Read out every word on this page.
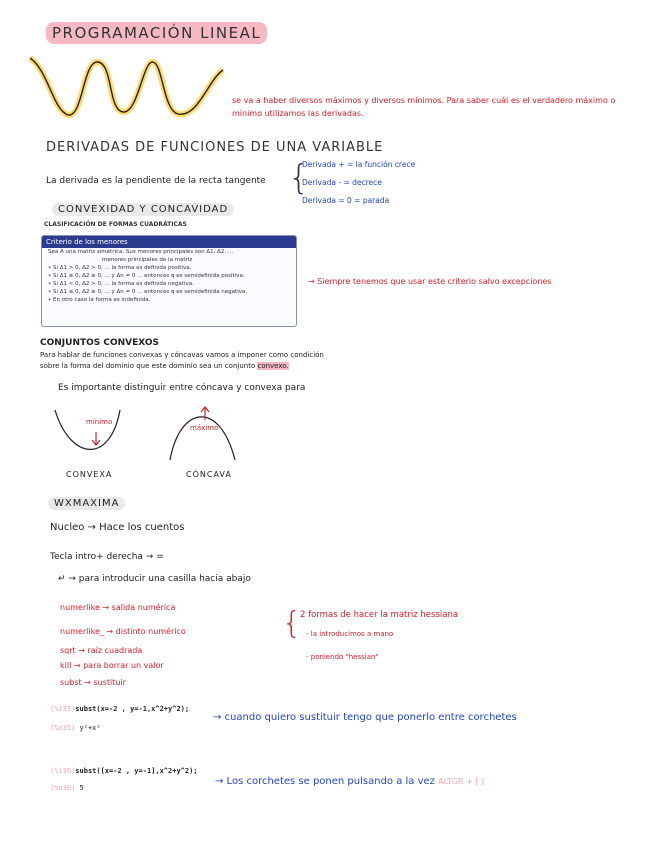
PROGRAMACIÓN LINEAL
se va a haber diversos máximos y diversos mínimos. Para saber cuál es el verdadero máximo o mínimo utilizamos las derivadas.
DERIVADAS DE FUNCIONES DE UNA VARIABLE
La derivada es la pendiente de la recta tangente {
Derivada + = la función crece
Derivada - = decrece
Derivada = 0 = parada
CONVEXIDAD Y CONCAVIDAD
CLASIFICACIÓN DE FORMAS CUADRÁTICAS
Criterio de los menores
Sea A una matriz simétrica. Sus menores principales son Δ1, Δ2, ...
menores principales de la matriz
• Si Δ1 > 0, Δ2 > 0, ... la forma es definida positiva.
• Si Δ1 ≥ 0, Δ2 ≥ 0, ... y Δn = 0 ... entonces q es semidefinida positiva.
• Si Δ1 < 0, Δ2 > 0, ... la forma es definida negativa.
• Si Δ1 ≤ 0, Δ2 ≥ 0, ... y Δn = 0 ... entonces q es semidefinida negativa.
• En otro caso la forma es indefinida.
→ Siempre tenemos que usar este criterio salvo excepciones
CONJUNTOS CONVEXOS
Para hablar de funciones convexas y cóncavas vamos a imponer como condición
sobre la forma del dominio que este dominio sea un conjunto convexo.
Es importante distinguir entre cóncava y convexa para
mínimo
máximo
CONVEXA	CÓNCAVA
WXMAXIMA
Nucleo → Hace los cuentos
Tecla intro+ derecha → =
↵ → para introducir una casilla hacia abajo
numerlike → salida numérica
numerlike_ → distinto numérico
sqrt → raíz cuadrada
kill → para borrar un valor
subst → sustituir
{
2 formas de hacer la matriz hessiana
- la introducimos a mano
- poniendo "hessian"
(%i35)subst(x=-2 , y=-1,x^2+y^2);
(%o35) y²+x²
→ cuando quiero sustituir tengo que ponerlo entre corchetes
(%i36)subst([x=-2 , y=-1],x^2+y^2);
(%o36) 5
→ Los corchetes se ponen pulsando a la vez ALTGR + [ ]
